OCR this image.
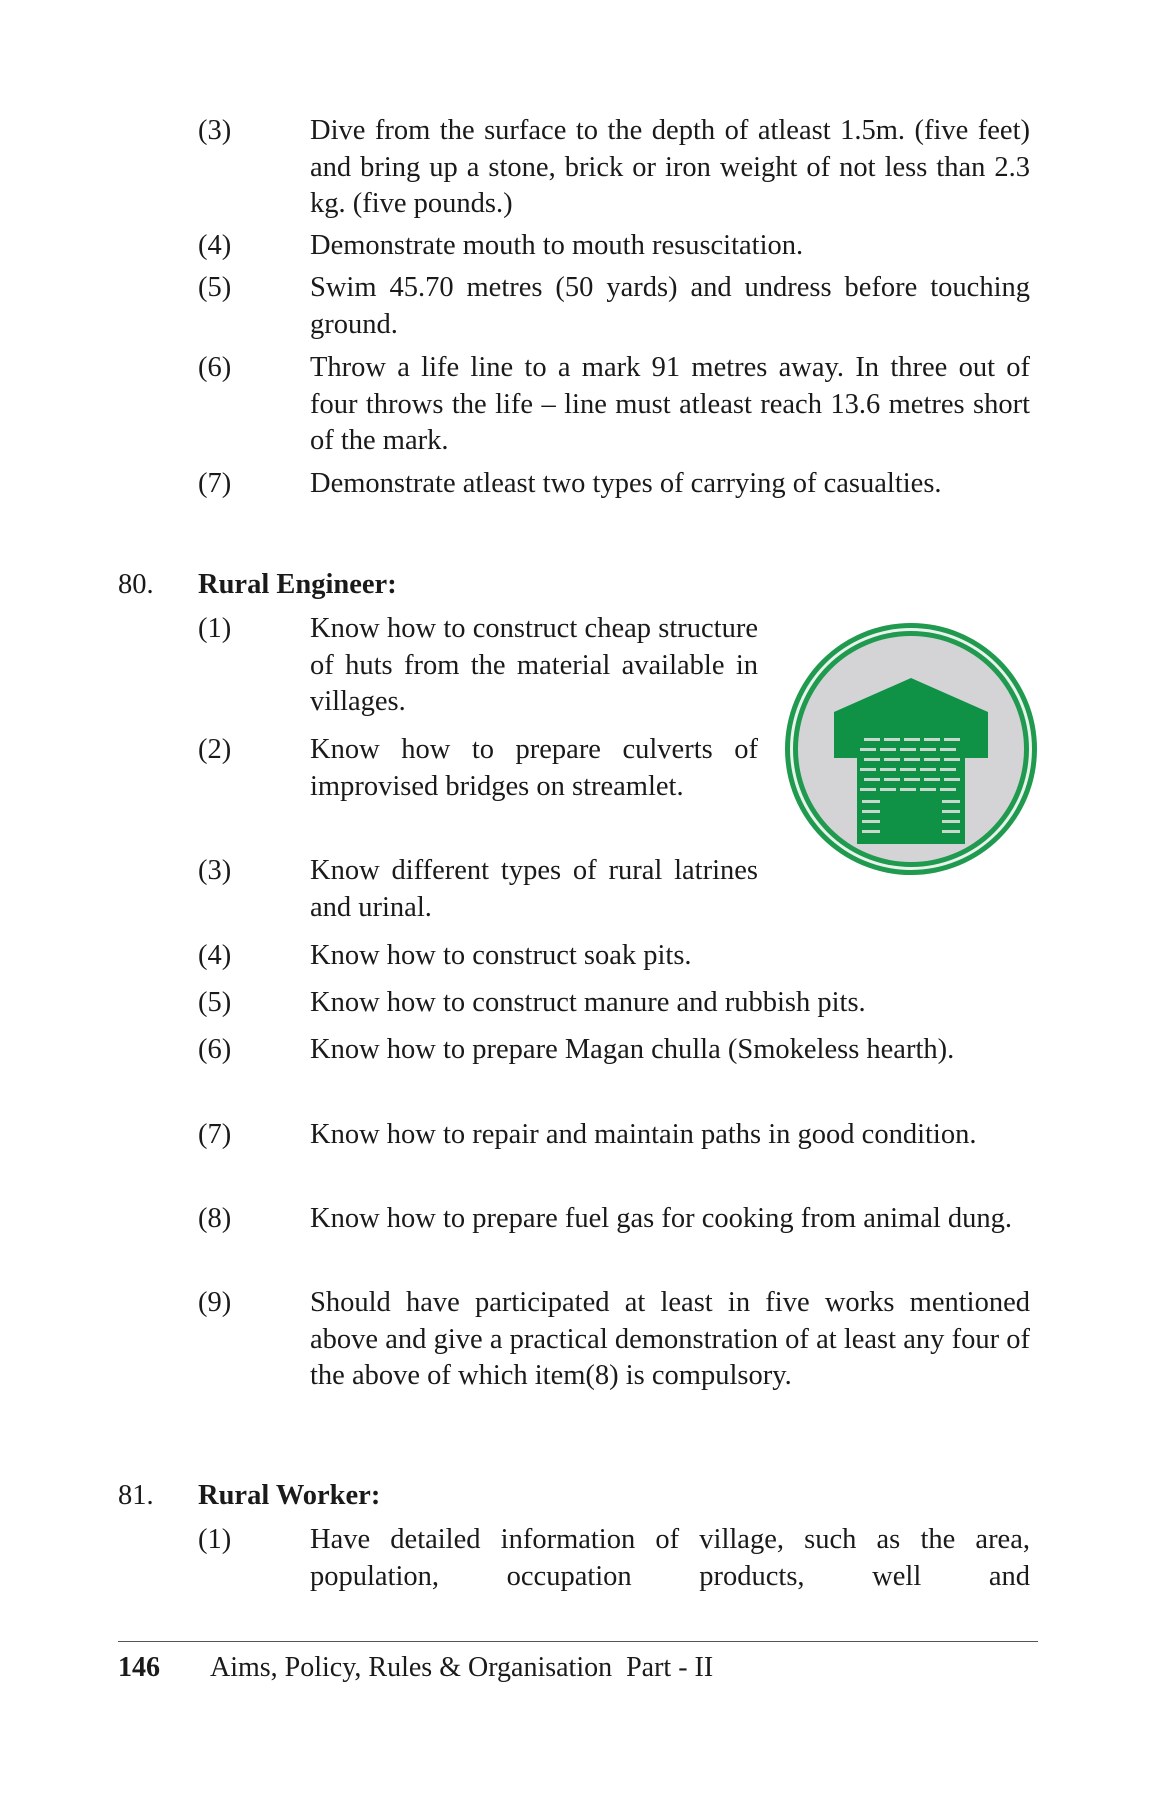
(3)	Dive from the surface to the depth of atleast 1.5m. (five feet) and bring up a stone, brick or iron weight of not less than 2.3 kg. (five pounds.)
(4)	Demonstrate mouth to mouth resuscitation.
(5)	Swim 45.70 metres (50 yards) and undress before touching ground.
(6)	Throw a life line to a mark 91 metres away. In three out of four throws the life – line must atleast reach 13.6 metres short of the mark.
(7)	Demonstrate atleast two types of carrying of casualties.
80. Rural Engineer:
(1)	Know how to construct cheap structure of huts from the material available in villages.
(2)	Know how to prepare culverts of improvised bridges on streamlet.
(3)	Know different types of rural latrines and urinal.
(4)	Know how to construct soak pits.
(5)	Know how to construct manure and rubbish pits.
(6)	Know how to prepare Magan chulla (Smokeless hearth).
(7)	Know how to repair and maintain paths in good condition.
(8)	Know how to prepare fuel gas for cooking from animal dung.
(9)	Should have participated at least in five works mentioned above and give a practical demonstration of at least any four of the above of which item(8) is compulsory.
81. Rural Worker:
(1)	Have detailed information of village, such as the area, population, occupation products, well and
146 Aims, Policy, Rules & Organisation  Part - II
